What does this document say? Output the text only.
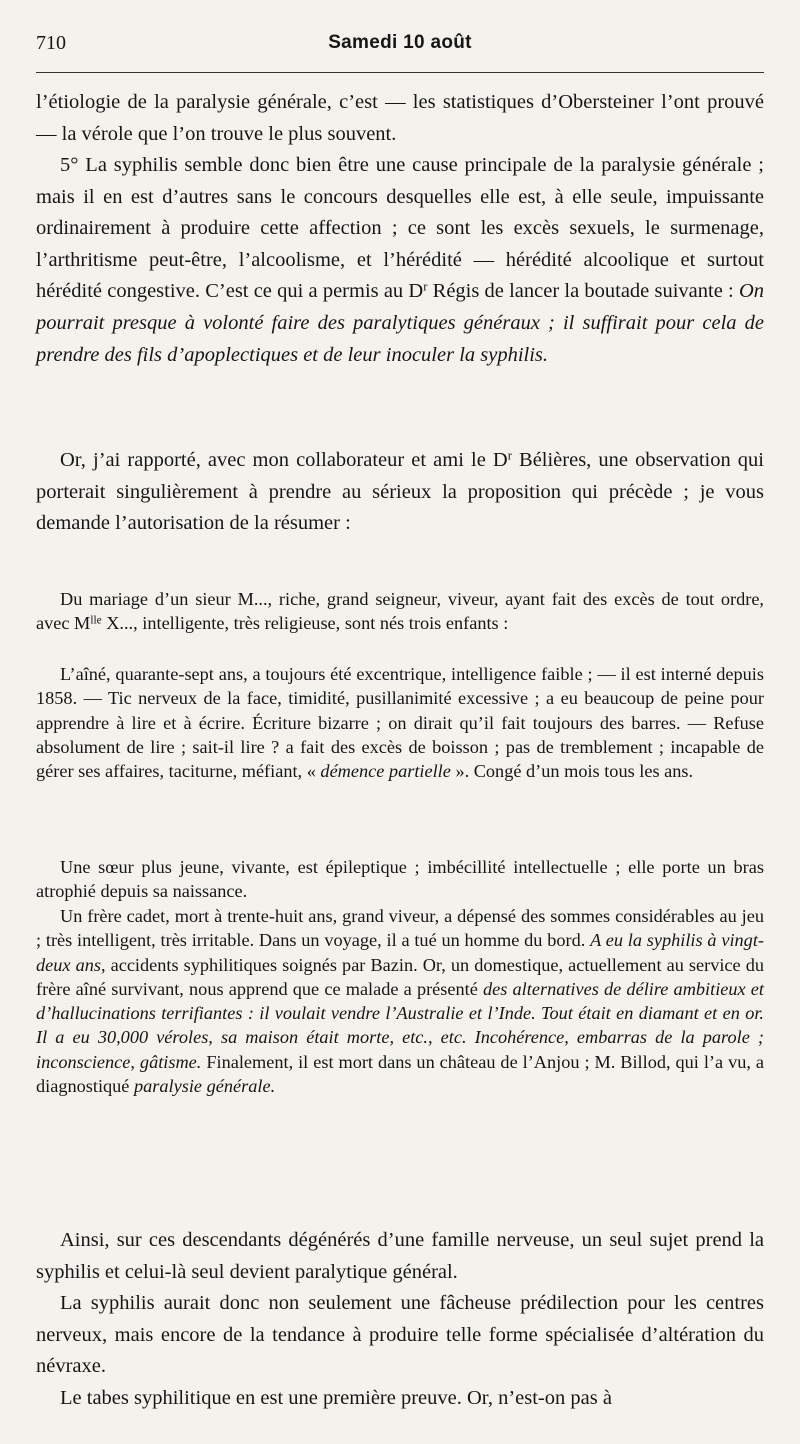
710	Samedi 10 août

l’étiologie de la paralysie générale, c’est — les statistiques d’Obersteiner l’ont prouvé — la vérole que l’on trouve le plus souvent.

5° La syphilis semble donc bien être une cause principale de la paralysie générale ; mais il en est d’autres sans le concours desquelles elle est, à elle seule, impuissante ordinairement à produire cette affection ; ce sont les excès sexuels, le surmenage, l’arthritisme peut-être, l’alcoolisme, et l’hérédité — hérédité alcoolique et surtout hérédité congestive. C’est ce qui a permis au $D^r$ Régis de lancer la boutade suivante : On pourrait presque à volonté faire des paralytiques généraux ; il suffirait pour cela de prendre des fils d’apoplectiques et de leur inoculer la syphilis.

Or, j’ai rapporté, avec mon collaborateur et ami le $D^r$ Bélières, une observation qui porterait singulièrement à prendre au sérieux la proposition qui précède ; je vous demande l’autorisation de la résumer :

Du mariage d’un sieur M..., riche, grand seigneur, viveur, ayant fait des excès de tout ordre, avec $M^{lle}$ X..., intelligente, très religieuse, sont nés trois enfants :

L’aîné, quarante-sept ans, a toujours été excentrique, intelligence faible ; — il est interné depuis 1858. — Tic nerveux de la face, timidité, pusillanimité excessive ; a eu beaucoup de peine pour apprendre à lire et à écrire. Écriture bizarre ; on dirait qu’il fait toujours des barres. — Refuse absolument de lire ; sait-il lire ? a fait des excès de boisson ; pas de tremblement ; incapable de gérer ses affaires, taciturne, méfiant, « démence partielle ». Congé d’un mois tous les ans.

Une sœur plus jeune, vivante, est épileptique ; imbécillité intellectuelle ; elle porte un bras atrophié depuis sa naissance.

Un frère cadet, mort à trente-huit ans, grand viveur, a dépensé des sommes considérables au jeu ; très intelligent, très irritable. Dans un voyage, il a tué un homme du bord. A eu la syphilis à vingt-deux ans, accidents syphilitiques soignés par Bazin. Or, un domestique, actuellement au service du frère aîné survivant, nous apprend que ce malade a présenté des alternatives de délire ambitieux et d’hallucinations terrifiantes : il voulait vendre l’Australie et l’Inde. Tout était en diamant et en or. Il a eu 30,000 véroles, sa maison était morte, etc., etc. Incohérence, embarras de la parole ; inconscience, gâtisme. Finalement, il est mort dans un château de l’Anjou ; M. Billod, qui l’a vu, a diagnostiqué paralysie générale.

Ainsi, sur ces descendants dégénérés d’une famille nerveuse, un seul sujet prend la syphilis et celui-là seul devient paralytique général.

La syphilis aurait donc non seulement une fâcheuse prédilection pour les centres nerveux, mais encore de la tendance à produire telle forme spécialisée d’altération du névraxe.

Le tabes syphilitique en est une première preuve. Or, n’est-on pas à
